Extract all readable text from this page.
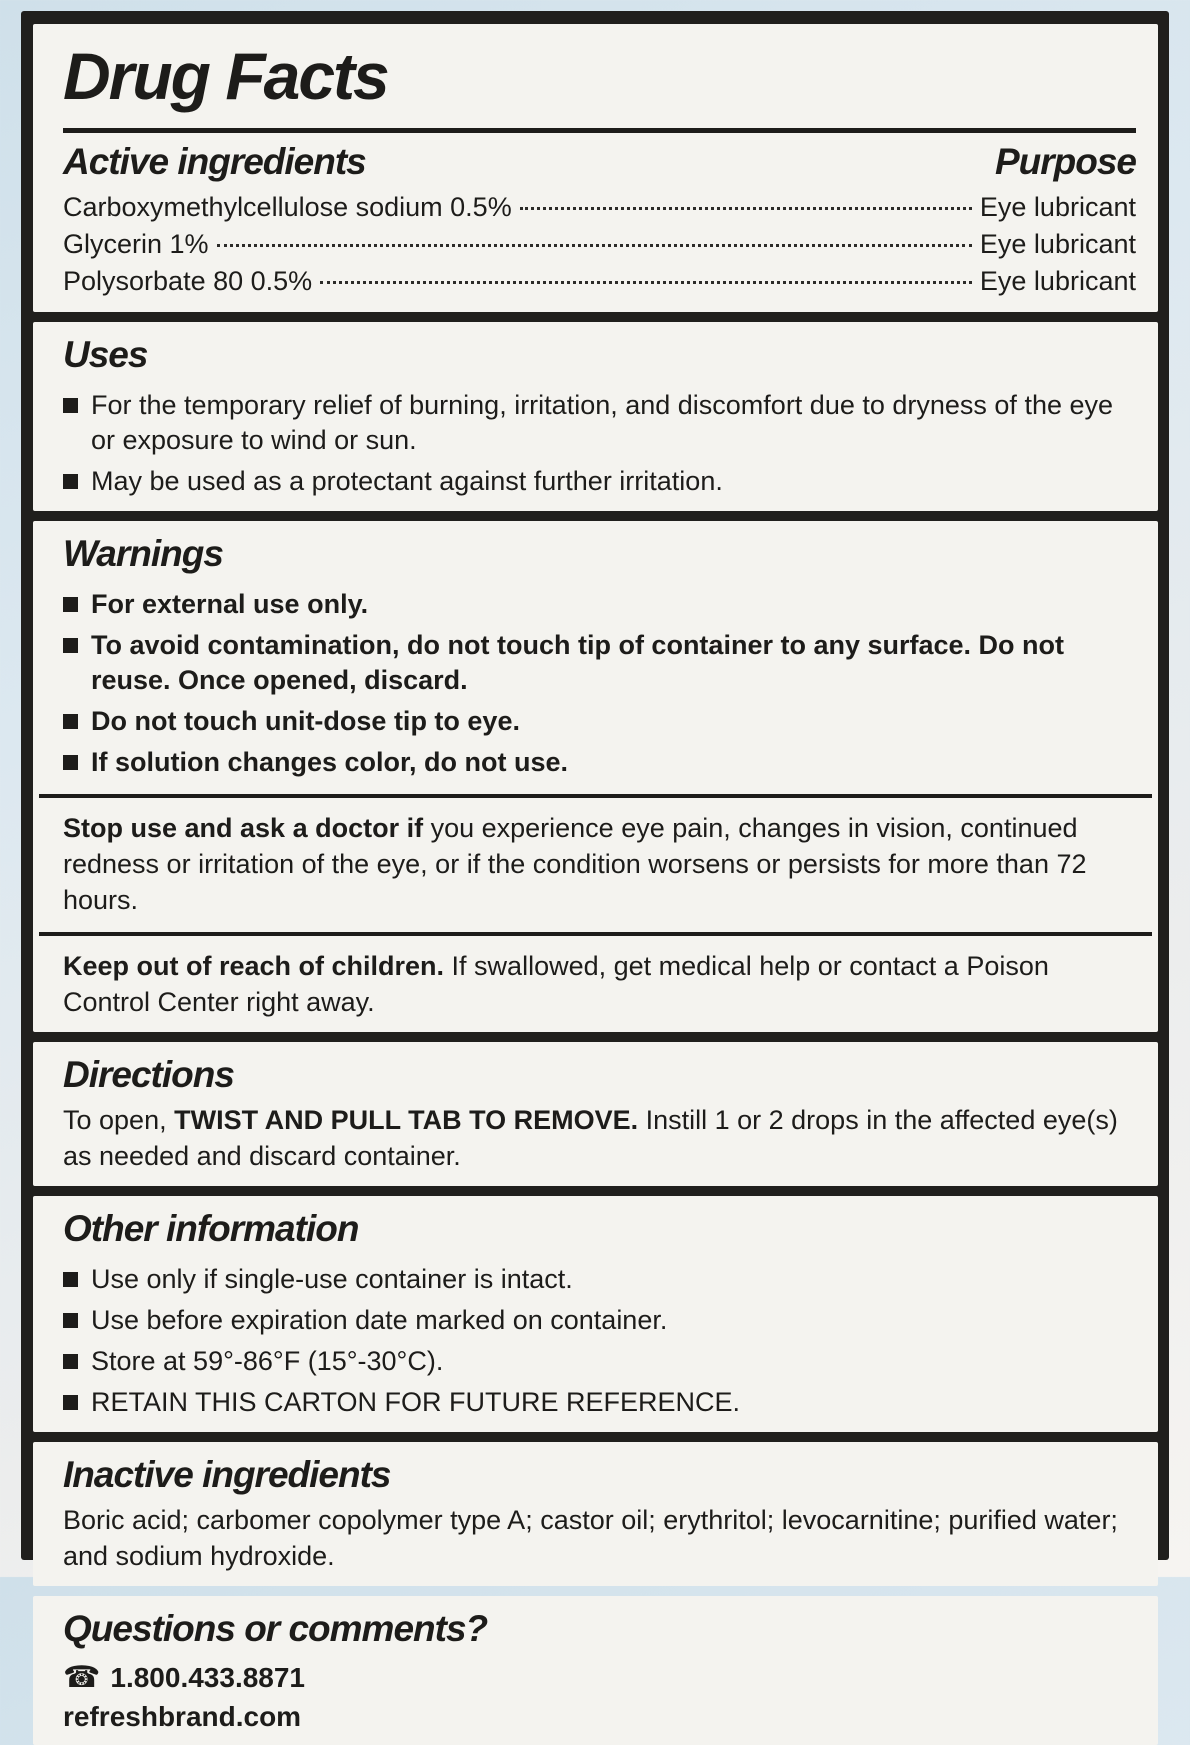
Drug Facts
Active ingredients	Purpose
Carboxymethylcellulose sodium 0.5%	Eye lubricant
Glycerin 1%	Eye lubricant
Polysorbate 80 0.5%	Eye lubricant
Uses
For the temporary relief of burning, irritation, and discomfort due to dryness of the eye or exposure to wind or sun.
May be used as a protectant against further irritation.
Warnings
For external use only.
To avoid contamination, do not touch tip of container to any surface. Do not reuse. Once opened, discard.
Do not touch unit-dose tip to eye.
If solution changes color, do not use.

Stop use and ask a doctor if you experience eye pain, changes in vision, continued redness or irritation of the eye, or if the condition worsens or persists for more than 72 hours.

Keep out of reach of children. If swallowed, get medical help or contact a Poison Control Center right away.

Directions

To open, TWIST AND PULL TAB TO REMOVE. Instill 1 or 2 drops in the affected eye(s) as needed and discard container.

Other information
Use only if single-use container is intact.
Use before expiration date marked on container.
Store at 59°-86°F (15°-30°C).
RETAIN THIS CARTON FOR FUTURE REFERENCE.
Inactive ingredients

Boric acid; carbomer copolymer type A; castor oil; erythritol; levocarnitine; purified water; and sodium hydroxide.

Questions or comments?
☎ 1.800.433.8871
refreshbrand.com
